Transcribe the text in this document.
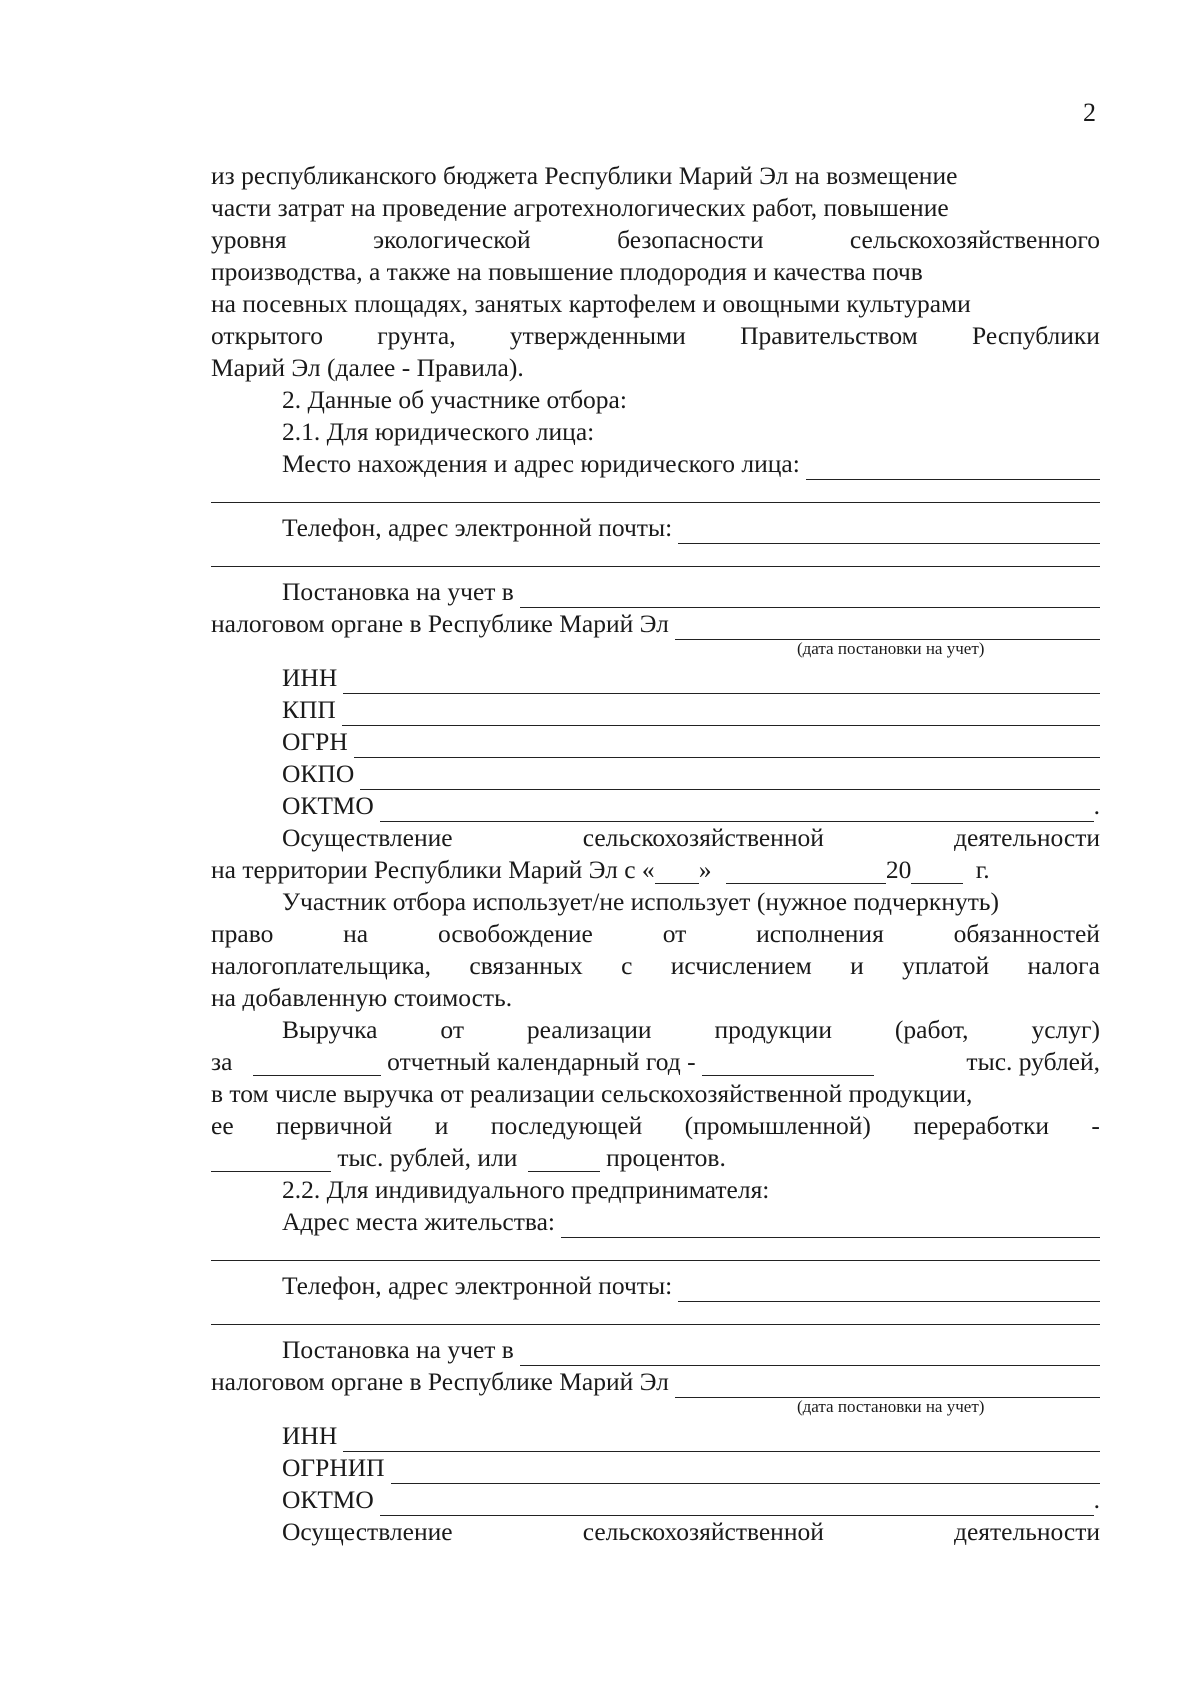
2
из республиканского бюджета Республики Марий Эл на возмещение
части затрат на проведение агротехнологических работ, повышение
уровня	экологической	безопасности	сельскохозяйственного
производства, а также на повышение плодородия и качества почв
на посевных площадях, занятых картофелем и овощными культурами
открытого грунта, утвержденными Правительством Республики
Марий Эл (далее - Правила).
2. Данные об участнике отбора:
2.1. Для юридического лица:
Место нахождения и адрес юридического лица:
Телефон, адрес электронной почты:
Постановка на учет в
налоговом органе в Республике Марий Эл
(дата постановки на учет)
ИНН
КПП
ОГРН
ОКПО
ОКТМО	.
Осуществление	сельскохозяйственной	деятельности
на территории Республики Марий Эл с « »	20	г.
Участник отбора использует/не использует (нужное подчеркнуть)
право	на	освобождение	от	исполнения	обязанностей
налогоплательщика, связанных с исчислением и уплатой налога
на добавленную стоимость.
Выручка от реализации продукции (работ, услуг)
за	отчетный календарный год -	тыс. рублей,
в том числе выручка от реализации сельскохозяйственной продукции,
ее первичной и последующей (промышленной) переработки -
тыс. рублей, или	процентов.
2.2. Для индивидуального предпринимателя:
Адрес места жительства:
Телефон, адрес электронной почты:
Постановка на учет в
налоговом органе в Республике Марий Эл
(дата постановки на учет)
ИНН
ОГРНИП
ОКТМО	.
Осуществление	сельскохозяйственной	деятельности
